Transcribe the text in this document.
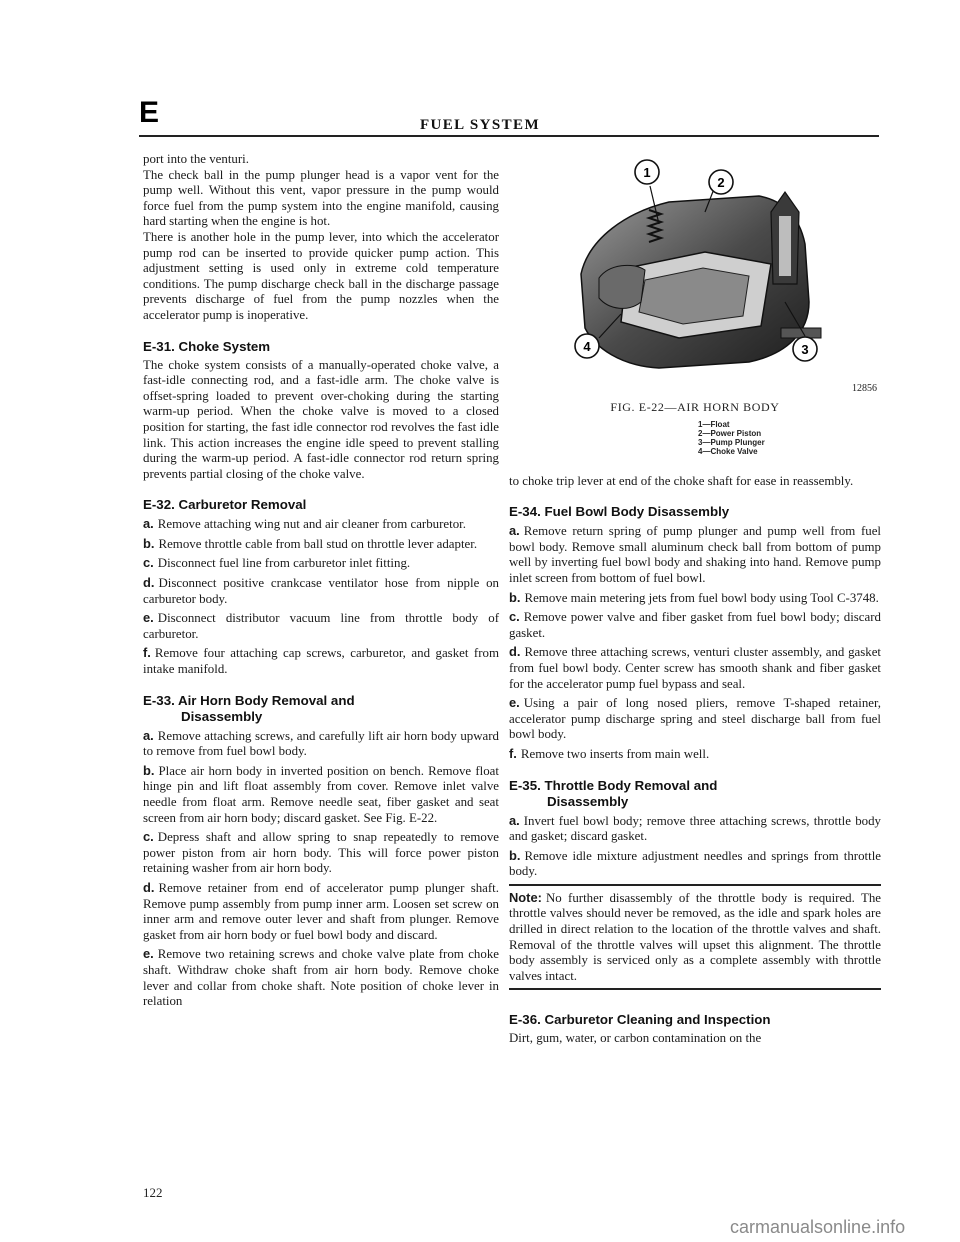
E	FUEL SYSTEM

port into the venturi.

The check ball in the pump plunger head is a vapor vent for the pump well. Without this vent, vapor pressure in the pump would force fuel from the pump system into the engine manifold, causing hard starting when the engine is hot.

There is another hole in the pump lever, into which the accelerator pump rod can be inserted to provide quicker pump action. This adjustment setting is used only in extreme cold temperature conditions. The pump discharge check ball in the discharge passage prevents discharge of fuel from the pump nozzles when the accelerator pump is inoperative.

E-31. Choke System

The choke system consists of a manually-operated choke valve, a fast-idle connecting rod, and a fast-idle arm. The choke valve is offset-spring loaded to prevent over-choking during the starting warm-up period. When the choke valve is moved to a closed position for starting, the fast idle connector rod revolves the fast idle link. This action increases the engine idle speed to prevent stalling during the warm-up period. A fast-idle connector rod return spring prevents partial closing of the choke valve.

E-32. Carburetor Removal

a. Remove attaching wing nut and air cleaner from carburetor.

b. Remove throttle cable from ball stud on throttle lever adapter.

c. Disconnect fuel line from carburetor inlet fitting.

d. Disconnect positive crankcase ventilator hose from nipple on carburetor body.

e. Disconnect distributor vacuum line from throttle body of carburetor.

f. Remove four attaching cap screws, carburetor, and gasket from intake manifold.

E-33. Air Horn Body Removal and
Disassembly

a. Remove attaching screws, and carefully lift air horn body upward to remove from fuel bowl body.

b. Place air horn body in inverted position on bench. Remove float hinge pin and lift float assembly from cover. Remove inlet valve needle from float arm. Remove needle seat, fiber gasket and seat screen from air horn body; discard gasket. See Fig. E-22.

c. Depress shaft and allow spring to snap repeatedly to remove power piston from air horn body. This will force power piston retaining washer from air horn body.

d. Remove retainer from end of accelerator pump plunger shaft. Remove pump assembly from pump inner arm. Loosen set screw on inner arm and remove outer lever and shaft from plunger. Remove gasket from air horn body or fuel bowl body and discard.

e. Remove two retaining screws and choke valve plate from choke shaft. Withdraw choke shaft from air horn body. Remove choke lever and collar from choke shaft. Note position of choke lever in relation

1
2
3
4
12856
FIG. E-22—AIR HORN BODY
1—Float
2—Power Piston
3—Pump Plunger
4—Choke Valve

to choke trip lever at end of the choke shaft for ease in reassembly.

E-34. Fuel Bowl Body Disassembly

a. Remove return spring of pump plunger and pump well from fuel bowl body. Remove small aluminum check ball from bottom of pump well by inverting fuel bowl body and shaking into hand. Remove pump inlet screen from bottom of fuel bowl.

b. Remove main metering jets from fuel bowl body using Tool C-3748.

c. Remove power valve and fiber gasket from fuel bowl body; discard gasket.

d. Remove three attaching screws, venturi cluster assembly, and gasket from fuel bowl body. Center screw has smooth shank and fiber gasket for the accelerator pump fuel bypass and seal.

e. Using a pair of long nosed pliers, remove T-shaped retainer, accelerator pump discharge spring and steel discharge ball from fuel bowl body.

f. Remove two inserts from main well.

E-35. Throttle Body Removal and
Disassembly

a. Invert fuel bowl body; remove three attaching screws, throttle body and gasket; discard gasket.

b. Remove idle mixture adjustment needles and springs from throttle body.

Note: No further disassembly of the throttle body is required. The throttle valves should never be removed, as the idle and spark holes are drilled in direct relation to the location of the throttle valves and shaft. Removal of the throttle valves will upset this alignment. The throttle body assembly is serviced only as a complete assembly with throttle valves intact.

E-36. Carburetor Cleaning and Inspection

Dirt, gum, water, or carbon contamination on the

122
carmanualsonline.info
